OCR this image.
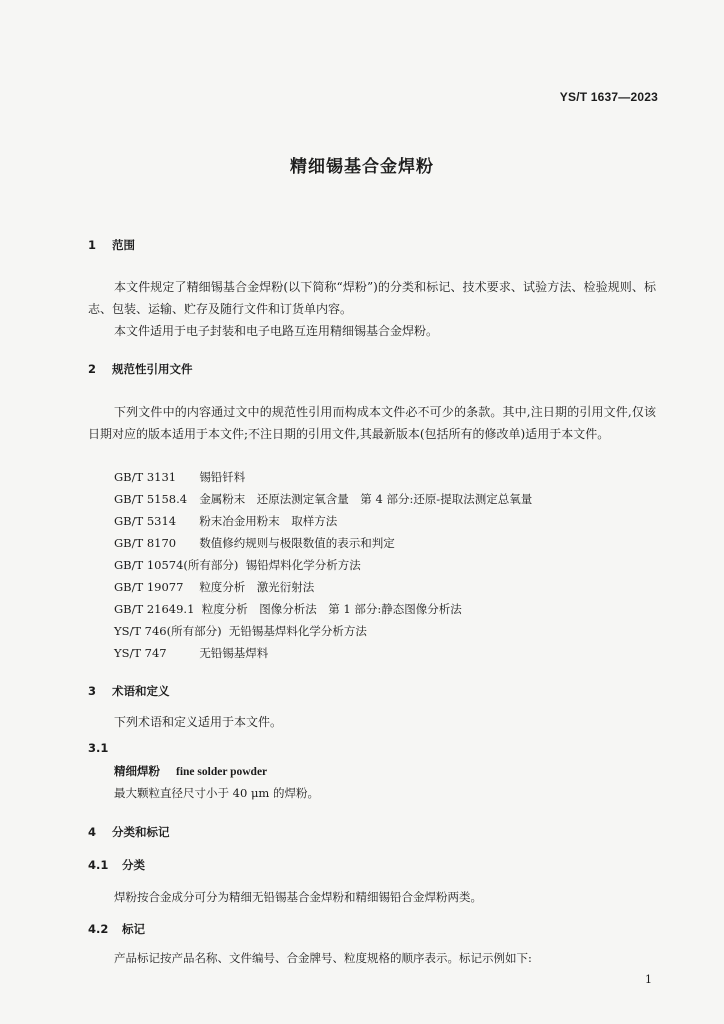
YS/T 1637—2023
精细锡基合金焊粉
1 范围
本文件规定了精细锡基合金焊粉(以下简称“焊粉”)的分类和标记、技术要求、试验方法、检验规则、标志、包装、运输、贮存及随行文件和订货单内容。
本文件适用于电子封装和电子电路互连用精细锡基合金焊粉。
2 规范性引用文件
下列文件中的内容通过文中的规范性引用而构成本文件必不可少的条款。其中,注日期的引用文件,仅该日期对应的版本适用于本文件;不注日期的引用文件,其最新版本(包括所有的修改单)适用于本文件。
GB/T 3131 锡铅钎料
GB/T 5158.4 金属粉末　还原法测定氧含量　第 4 部分:还原-提取法测定总氧量
GB/T 5314 粉末冶金用粉末　取样方法
GB/T 8170 数值修约规则与极限数值的表示和判定
GB/T 10574(所有部分) 锡铅焊料化学分析方法
GB/T 19077 粒度分析　激光衍射法
GB/T 21649.1 粒度分析　图像分析法　第 1 部分:静态图像分析法
YS/T 746(所有部分) 无铅锡基焊料化学分析方法
YS/T 747	无铅锡基焊料
3 术语和定义
下列术语和定义适用于本文件。
3.1
精细焊粉 fine solder powder
最大颗粒直径尺寸小于 40 μm 的焊粉。
4 分类和标记
4.1 分类
焊粉按合金成分可分为精细无铅锡基合金焊粉和精细锡铅合金焊粉两类。
4.2 标记
产品标记按产品名称、文件编号、合金牌号、粒度规格的顺序表示。标记示例如下:
1
